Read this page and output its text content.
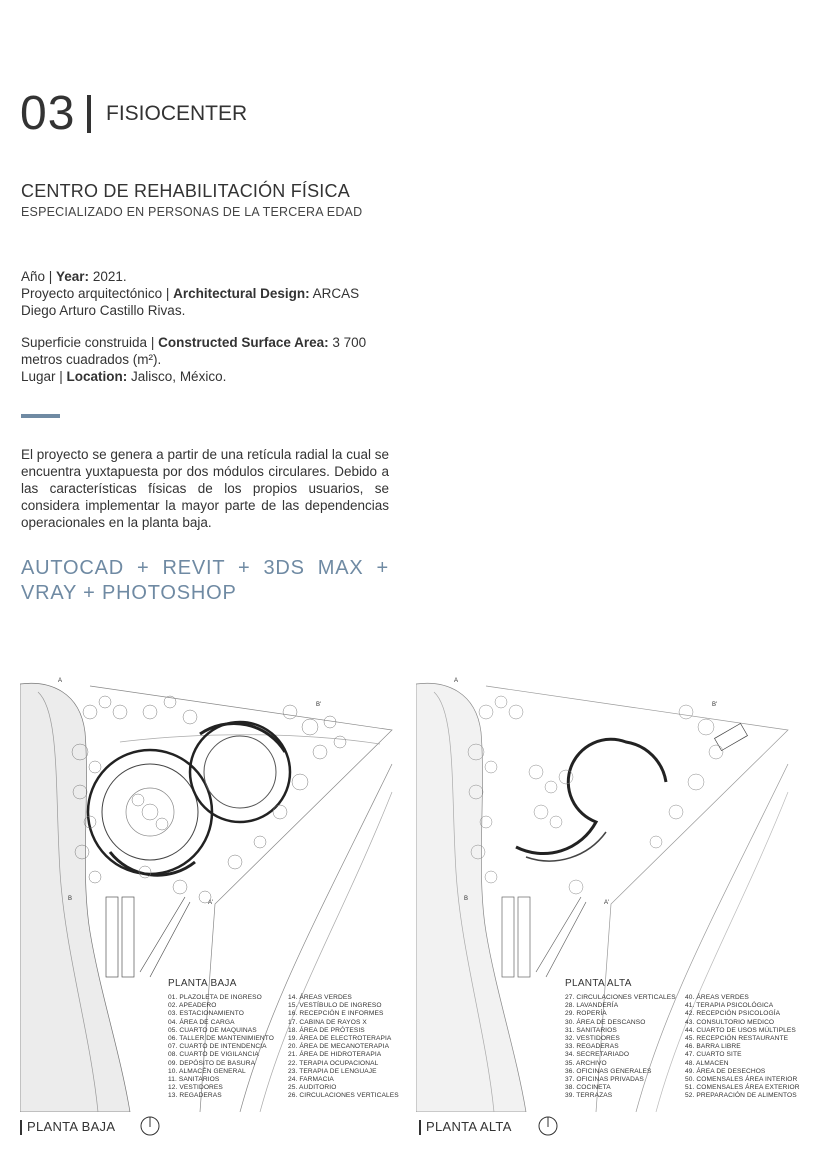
03 FISIOCENTER
CENTRO DE REHABILITACIÓN FÍSICA
ESPECIALIZADO EN PERSONAS DE LA TERCERA EDAD
Año | Year: 2021.
Proyecto arquitectónico | Architectural Design: ARCAS
Diego Arturo Castillo Rivas.
Superficie construida | Constructed Surface Area: 3 700
metros cuadrados (m²).
Lugar | Location: Jalisco, México.
El proyecto se genera a partir de una retícula radial la cual se encuentra yuxtapuesta por dos módulos circulares. Debido a las características físicas de los propios usuarios, se considera implementar la mayor parte de las dependencias operacionales en la planta baja.
AUTOCAD + REVIT + 3DS MAX +
VRAY + PHOTOSHOP
A
B'
B
A'
PLANTA BAJA
01. PLAZOLETA DE INGRESO
02. APEADERO
03. ESTACIONAMIENTO
04. ÁREA DE CARGA
05. CUARTO DE MAQUINAS
06. TALLER DE MANTENIMIENTO
07. CUARTO DE INTENDENCIA
08. CUARTO DE VIGILANCIA
09. DEPÓSITO DE BASURA
10. ALMACÉN GENERAL
11. SANITARIOS
12. VESTIDORES
13. REGADERAS
14. ÁREAS VERDES
15. VESTÍBULO DE INGRESO
16. RECEPCIÓN E INFORMES
17. CABINA DE RAYOS X
18. ÁREA DE PRÓTESIS
19. ÁREA DE ELECTROTERAPIA
20. ÁREA DE MECANOTERAPIA
21. ÁREA DE HIDROTERAPIA
22. TERAPIA OCUPACIONAL
23. TERAPIA DE LENGUAJE
24. FARMACIA
25. AUDITORIO
26. CIRCULACIONES VERTICALES
A
B'
B
A'
PLANTA ALTA
27. CIRCULACIONES VERTICALES
28. LAVANDERÍA
29. ROPERÍA
30. ÁREA DE DESCANSO
31. SANITARIOS
32. VESTIDORES
33. REGADERAS
34. SECRETARIADO
35. ARCHIVO
36. OFICINAS GENERALES
37. OFICINAS PRIVADAS
38. COCINETA
39. TERRAZAS
40. ÁREAS VERDES
41. TERAPIA PSICOLÓGICA
42. RECEPCIÓN PSICOLOGÍA
43. CONSULTORIO MEDICO
44. CUARTO DE USOS MÚLTIPLES
45. RECEPCIÓN RESTAURANTE
46. BARRA LIBRE
47. CUARTO SITE
48. ALMACEN
49. ÁREA DE DESECHOS
50. COMENSALES ÁREA INTERIOR
51. COMENSALES ÁREA EXTERIOR
52. PREPARACIÓN DE ALIMENTOS
PLANTA BAJA	PLANTA ALTA
